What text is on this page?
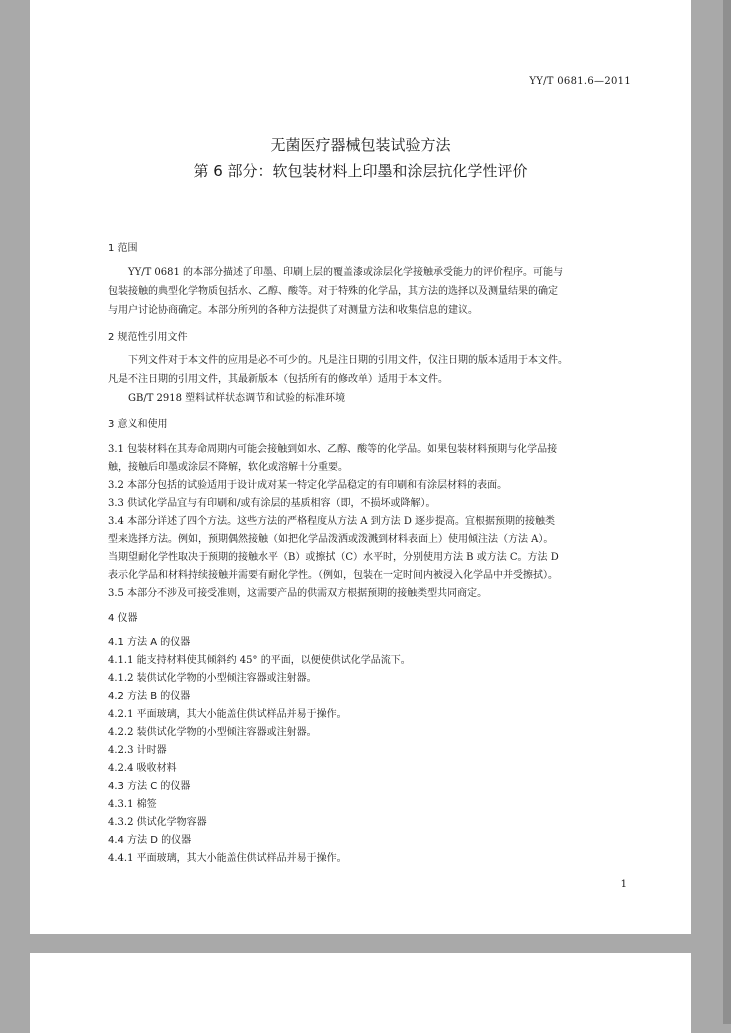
YY/T 0681.6—2011
无菌医疗器械包装试验方法
第 6 部分：软包装材料上印墨和涂层抗化学性评价
1 范围
　　YY/T 0681 的本部分描述了印墨、印刷上层的覆盖漆或涂层化学接触承受能力的评价程序。可能与
包装接触的典型化学物质包括水、乙醇、酸等。对于特殊的化学品，其方法的选择以及测量结果的确定
与用户讨论协商确定。本部分所列的各种方法提供了对测量方法和收集信息的建议。
2 规范性引用文件
　　下列文件对于本文件的应用是必不可少的。凡是注日期的引用文件，仅注日期的版本适用于本文件。
凡是不注日期的引用文件，其最新版本（包括所有的修改单）适用于本文件。
　　GB/T 2918 塑料试样状态调节和试验的标准环境
3 意义和使用
3.1 包装材料在其寿命周期内可能会接触到如水、乙醇、酸等的化学品。如果包装材料预期与化学品接
触，接触后印墨或涂层不降解，软化或溶解十分重要。
3.2 本部分包括的试验适用于设计成对某一特定化学品稳定的有印刷和有涂层材料的表面。
3.3 供试化学品宜与有印刷和/或有涂层的基质相容（即，不损坏或降解）。
3.4 本部分详述了四个方法。这些方法的严格程度从方法 A 到方法 D 逐步提高。宜根据预期的接触类
型来选择方法。例如，预期偶然接触（如把化学品泼洒或泼溅到材料表面上）使用倾注法（方法 A）。
当期望耐化学性取决于预期的接触水平（B）或擦拭（C）水平时，分别使用方法 B 或方法 C。方法 D
表示化学品和材料持续接触并需要有耐化学性。（例如，包装在一定时间内被浸入化学品中并受擦拭）。
3.5 本部分不涉及可接受准则，这需要产品的供需双方根据预期的接触类型共同商定。
4 仪器
4.1 方法 A 的仪器
4.1.1 能支持材料使其倾斜约 45° 的平面，以便使供试化学品流下。
4.1.2 装供试化学物的小型倾注容器或注射器。
4.2 方法 B 的仪器
4.2.1 平面玻璃，其大小能盖住供试样品并易于操作。
4.2.2 装供试化学物的小型倾注容器或注射器。
4.2.3 计时器
4.2.4 吸收材料
4.3 方法 C 的仪器
4.3.1 棉签
4.3.2 供试化学物容器
4.4 方法 D 的仪器
4.4.1 平面玻璃，其大小能盖住供试样品并易于操作。
1
